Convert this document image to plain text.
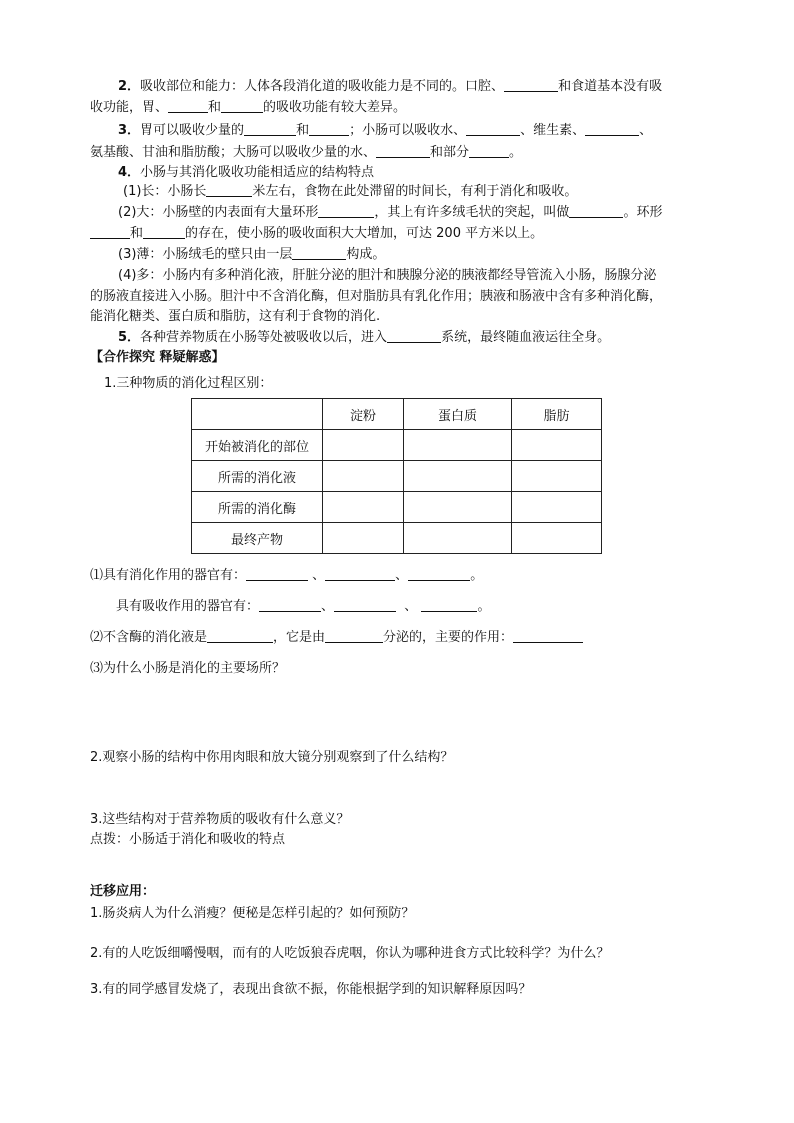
2．吸收部位和能力：人体各段消化道的吸收能力是不同的。口腔、	和食道基本没有吸
收功能，胃、	和	的吸收功能有较大差异。
3．胃可以吸收少量的	和	；小肠可以吸收水、	、维生素、	、
氨基酸、甘油和脂肪酸；大肠可以吸收少量的水、	和部分	。
4．小肠与其消化吸收功能相适应的结构特点
(1)长：小肠长	米左右，食物在此处滞留的时间长，有利于消化和吸收。
(2)大：小肠壁的内表面有大量环形	，其上有许多绒毛状的突起，叫做	。环形
和	的存在，使小肠的吸收面积大大增加，可达 200 平方米以上。
(3)薄：小肠绒毛的壁只由一层	构成。
(4)多：小肠内有多种消化液，肝脏分泌的胆汁和胰腺分泌的胰液都经导管流入小肠，肠腺分泌
的肠液直接进入小肠。胆汁中不含消化酶，但对脂肪具有乳化作用；胰液和肠液中含有多种消化酶，
能消化糖类、蛋白质和脂肪，这有利于食物的消化.
5．各种营养物质在小肠等处被吸收以后，进入	系统，最终随血液运往全身。
【合作探究 释疑解惑】
1.三种物质的消化过程区别：
	淀粉	蛋白质	脂肪
开始被消化的部位			
所需的消化液			
所需的消化酶			
最终产物			
⑴具有消化作用的器官有：	、	、	。
具有吸收作用的器官有：	、	、	。
⑵不含酶的消化液是	，它是由	分泌的，主要的作用：
⑶为什么小肠是消化的主要场所？
2.观察小肠的结构中你用肉眼和放大镜分别观察到了什么结构？
3.这些结构对于营养物质的吸收有什么意义？
点拨：小肠适于消化和吸收的特点
迁移应用：
1.肠炎病人为什么消瘦？便秘是怎样引起的？如何预防？
2.有的人吃饭细嚼慢咽，而有的人吃饭狼吞虎咽，你认为哪种进食方式比较科学？为什么？
3.有的同学感冒发烧了，表现出食欲不振，你能根据学到的知识解释原因吗？
